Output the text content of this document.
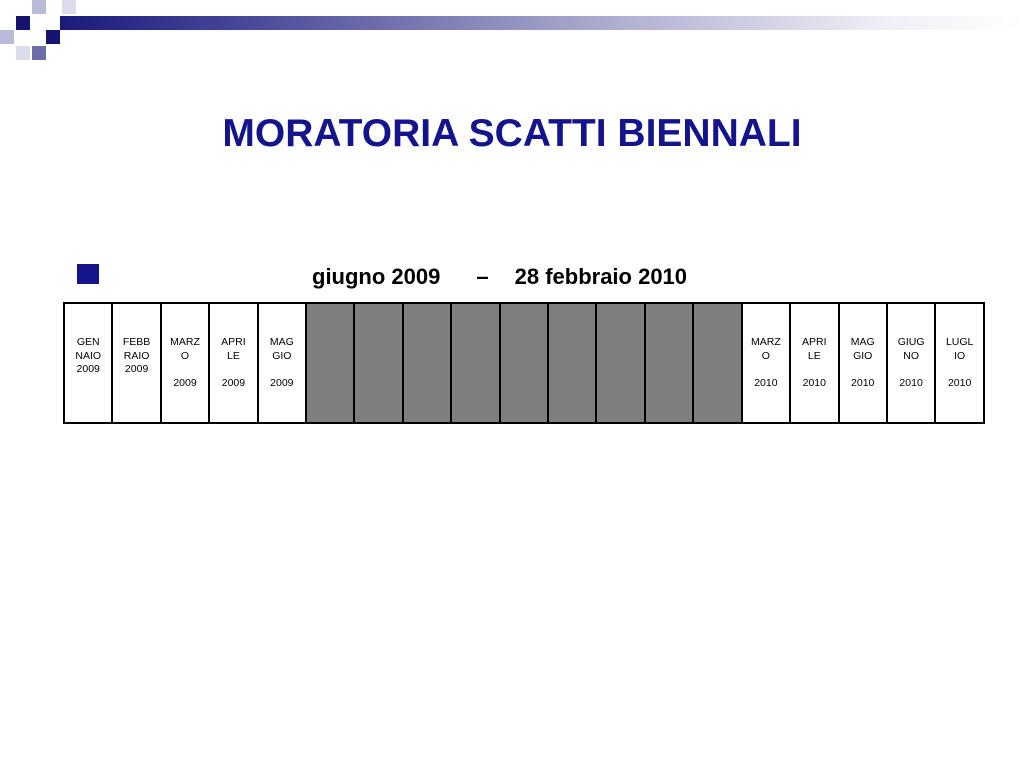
MORATORIA SCATTI BIENNALI
giugno 2009 – 28 febbraio 2010
GENNAIO
2009

FEBBRAIO
2009

MARZO
2009

APRILE
2009

MAGGIO
2009

MARZO
2010

APRILE
2010

MAGGIO
2010

GIUGNO
2010

LUGLIO
2010
